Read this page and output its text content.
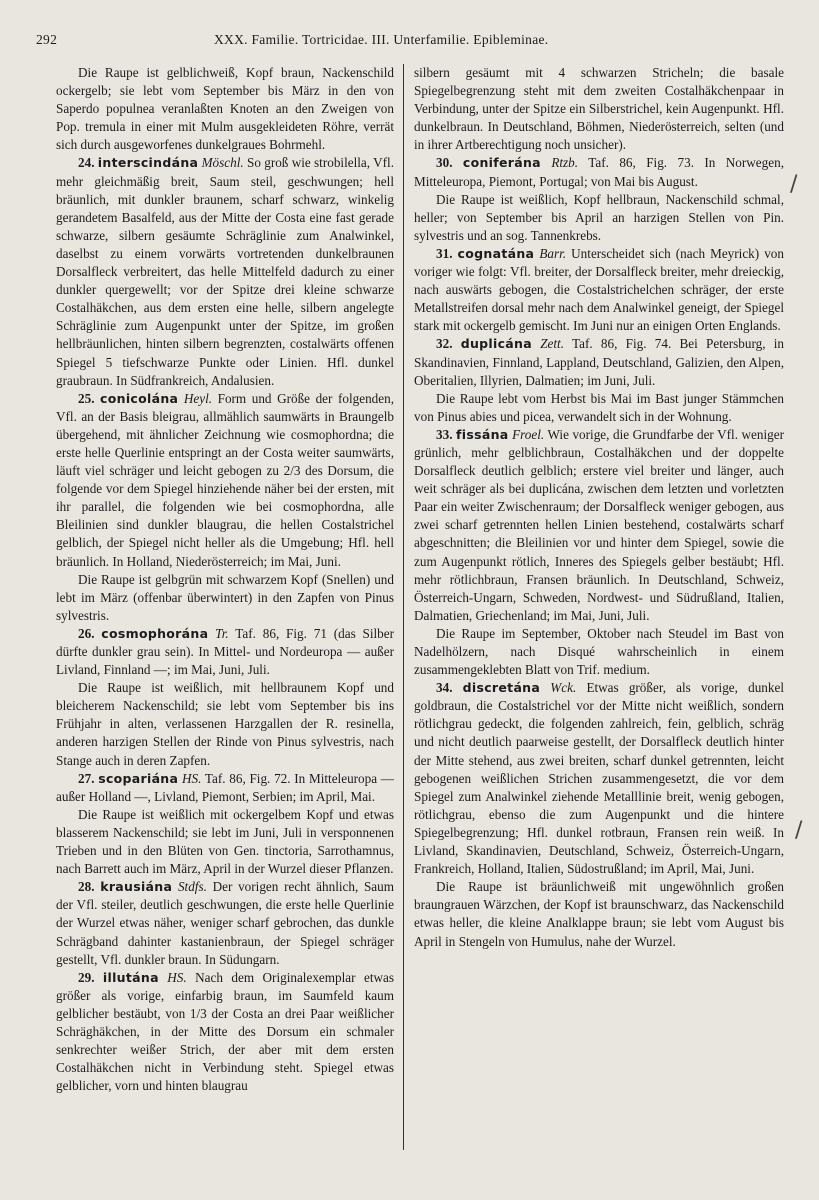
292	XXX. Familie. Tortricidae. III. Unterfamilie. Epibleminae.

Die Raupe ist gelblichweiß, Kopf braun, Nackenschild ockergelb; sie lebt vom September bis März in den von Saperdo populnea veranlaßten Knoten an den Zweigen von Pop. tremula in einer mit Mulm ausgekleideten Röhre, verrät sich durch ausgeworfenes dunkelgraues Bohrmehl.

24. interscindána Möschl. So groß wie strobilella, Vfl. mehr gleichmäßig breit, Saum steil, geschwungen; hell bräunlich, mit dunkler braunem, scharf schwarz, winkelig gerandetem Basalfeld, aus der Mitte der Costa eine fast gerade schwarze, silbern gesäumte Schräglinie zum Analwinkel, daselbst zu einem vorwärts vortretenden dunkelbraunen Dorsalfleck verbreitert, das helle Mittelfeld dadurch zu einer dunkler quergewellt; vor der Spitze drei kleine schwarze Costalhäkchen, aus dem ersten eine helle, silbern angelegte Schräglinie zum Augenpunkt unter der Spitze, im großen hellbräunlichen, hinten silbern begrenzten, costalwärts offenen Spiegel 5 tiefschwarze Punkte oder Linien. Hfl. dunkel graubraun. In Südfrankreich, Andalusien.

25. conicolána Heyl. Form und Größe der folgenden, Vfl. an der Basis bleigrau, allmählich saumwärts in Braungelb übergehend, mit ähnlicher Zeichnung wie cosmophordna; die erste helle Querlinie entspringt an der Costa weiter saumwärts, läuft viel schräger und leicht gebogen zu 2/3 des Dorsum, die folgende vor dem Spiegel hinziehende näher bei der ersten, mit ihr parallel, die folgenden wie bei cosmophordna, alle Bleilinien sind dunkler blaugrau, die hellen Costalstrichel gelblich, der Spiegel nicht heller als die Umgebung; Hfl. hell bräunlich. In Holland, Niederösterreich; im Mai, Juni.

Die Raupe ist gelbgrün mit schwarzem Kopf (Snellen) und lebt im März (offenbar überwintert) in den Zapfen von Pinus sylvestris.

26. cosmophorána Tr. Taf. 86, Fig. 71 (das Silber dürfte dunkler grau sein). In Mittel- und Nordeuropa — außer Livland, Finnland —; im Mai, Juni, Juli.

Die Raupe ist weißlich, mit hellbraunem Kopf und bleicherem Nackenschild; sie lebt vom September bis ins Frühjahr in alten, verlassenen Harzgallen der R. resinella, anderen harzigen Stellen der Rinde von Pinus sylvestris, nach Stange auch in deren Zapfen.

27. scopariána HS. Taf. 86, Fig. 72. In Mitteleuropa — außer Holland —, Livland, Piemont, Serbien; im April, Mai.

Die Raupe ist weißlich mit ockergelbem Kopf und etwas blasserem Nackenschild; sie lebt im Juni, Juli in versponnenen Trieben und in den Blüten von Gen. tinctoria, Sarrothamnus, nach Barrett auch im März, April in der Wurzel dieser Pflanzen.

28. krausiána Stdfs. Der vorigen recht ähnlich, Saum der Vfl. steiler, deutlich geschwungen, die erste helle Querlinie der Wurzel etwas näher, weniger scharf gebrochen, das dunkle Schrägband dahinter kastanienbraun, der Spiegel schräger gestellt, Vfl. dunkler braun. In Südungarn.

29. illutána HS. Nach dem Originalexemplar etwas größer als vorige, einfarbig braun, im Saumfeld kaum gelblicher bestäubt, von 1/3 der Costa an drei Paar weißlicher Schräghäkchen, in der Mitte des Dorsum ein schmaler senkrechter weißer Strich, der aber mit dem ersten Costalhäkchen nicht in Verbindung steht. Spiegel etwas gelblicher, vorn und hinten blaugrau

silbern gesäumt mit 4 schwarzen Stricheln; die basale Spiegelbegrenzung steht mit dem zweiten Costalhäkchenpaar in Verbindung, unter der Spitze ein Silberstrichel, kein Augenpunkt. Hfl. dunkelbraun. In Deutschland, Böhmen, Niederösterreich, selten (und in ihrer Artberechtigung noch unsicher).

30. coniferána Rtzb. Taf. 86, Fig. 73. In Norwegen, Mitteleuropa, Piemont, Portugal; von Mai bis August.

Die Raupe ist weißlich, Kopf hellbraun, Nackenschild schmal, heller; von September bis April an harzigen Stellen von Pin. sylvestris und an sog. Tannenkrebs.

31. cognatána Barr. Unterscheidet sich (nach Meyrick) von voriger wie folgt: Vfl. breiter, der Dorsalfleck breiter, mehr dreieckig, nach auswärts gebogen, die Costalstrichelchen schräger, der erste Metallstreifen dorsal mehr nach dem Analwinkel geneigt, der Spiegel stark mit ockergelb gemischt. Im Juni nur an einigen Orten Englands.

32. duplicána Zett. Taf. 86, Fig. 74. Bei Petersburg, in Skandinavien, Finnland, Lappland, Deutschland, Galizien, den Alpen, Oberitalien, Illyrien, Dalmatien; im Juni, Juli.

Die Raupe lebt vom Herbst bis Mai im Bast junger Stämmchen von Pinus abies und picea, verwandelt sich in der Wohnung.

33. fissána Froel. Wie vorige, die Grundfarbe der Vfl. weniger grünlich, mehr gelblichbraun, Costalhäkchen und der doppelte Dorsalfleck deutlich gelblich; erstere viel breiter und länger, auch weit schräger als bei duplicána, zwischen dem letzten und vorletzten Paar ein weiter Zwischenraum; der Dorsalfleck weniger gebogen, aus zwei scharf getrennten hellen Linien bestehend, costalwärts scharf abgeschnitten; die Bleilinien vor und hinter dem Spiegel, sowie die zum Augenpunkt rötlich, Inneres des Spiegels gelber bestäubt; Hfl. mehr rötlichbraun, Fransen bräunlich. In Deutschland, Schweiz, Österreich-Ungarn, Schweden, Nordwest- und Südrußland, Italien, Dalmatien, Griechenland; im Mai, Juni, Juli.

Die Raupe im September, Oktober nach Steudel im Bast von Nadelhölzern, nach Disqué wahrscheinlich in einem zusammengeklebten Blatt von Trif. medium.

34. discretána Wck. Etwas größer, als vorige, dunkel goldbraun, die Costalstrichel vor der Mitte nicht weißlich, sondern rötlichgrau gedeckt, die folgenden zahlreich, fein, gelblich, schräg und nicht deutlich paarweise gestellt, der Dorsalfleck deutlich hinter der Mitte stehend, aus zwei breiten, scharf dunkel getrennten, leicht gebogenen weißlichen Strichen zusammengesetzt, die vor dem Spiegel zum Analwinkel ziehende Metalllinie breit, wenig gebogen, rötlichgrau, ebenso die zum Augenpunkt und die hintere Spiegelbegrenzung; Hfl. dunkel rotbraun, Fransen rein weiß. In Livland, Skandinavien, Deutschland, Schweiz, Österreich-Ungarn, Frankreich, Holland, Italien, Südostrußland; im April, Mai, Juni.

Die Raupe ist bräunlichweiß mit ungewöhnlich großen braungrauen Wärzchen, der Kopf ist braunschwarz, das Nackenschild etwas heller, die kleine Analklappe braun; sie lebt vom August bis April in Stengeln von Humulus, nahe der Wurzel.

/
/
